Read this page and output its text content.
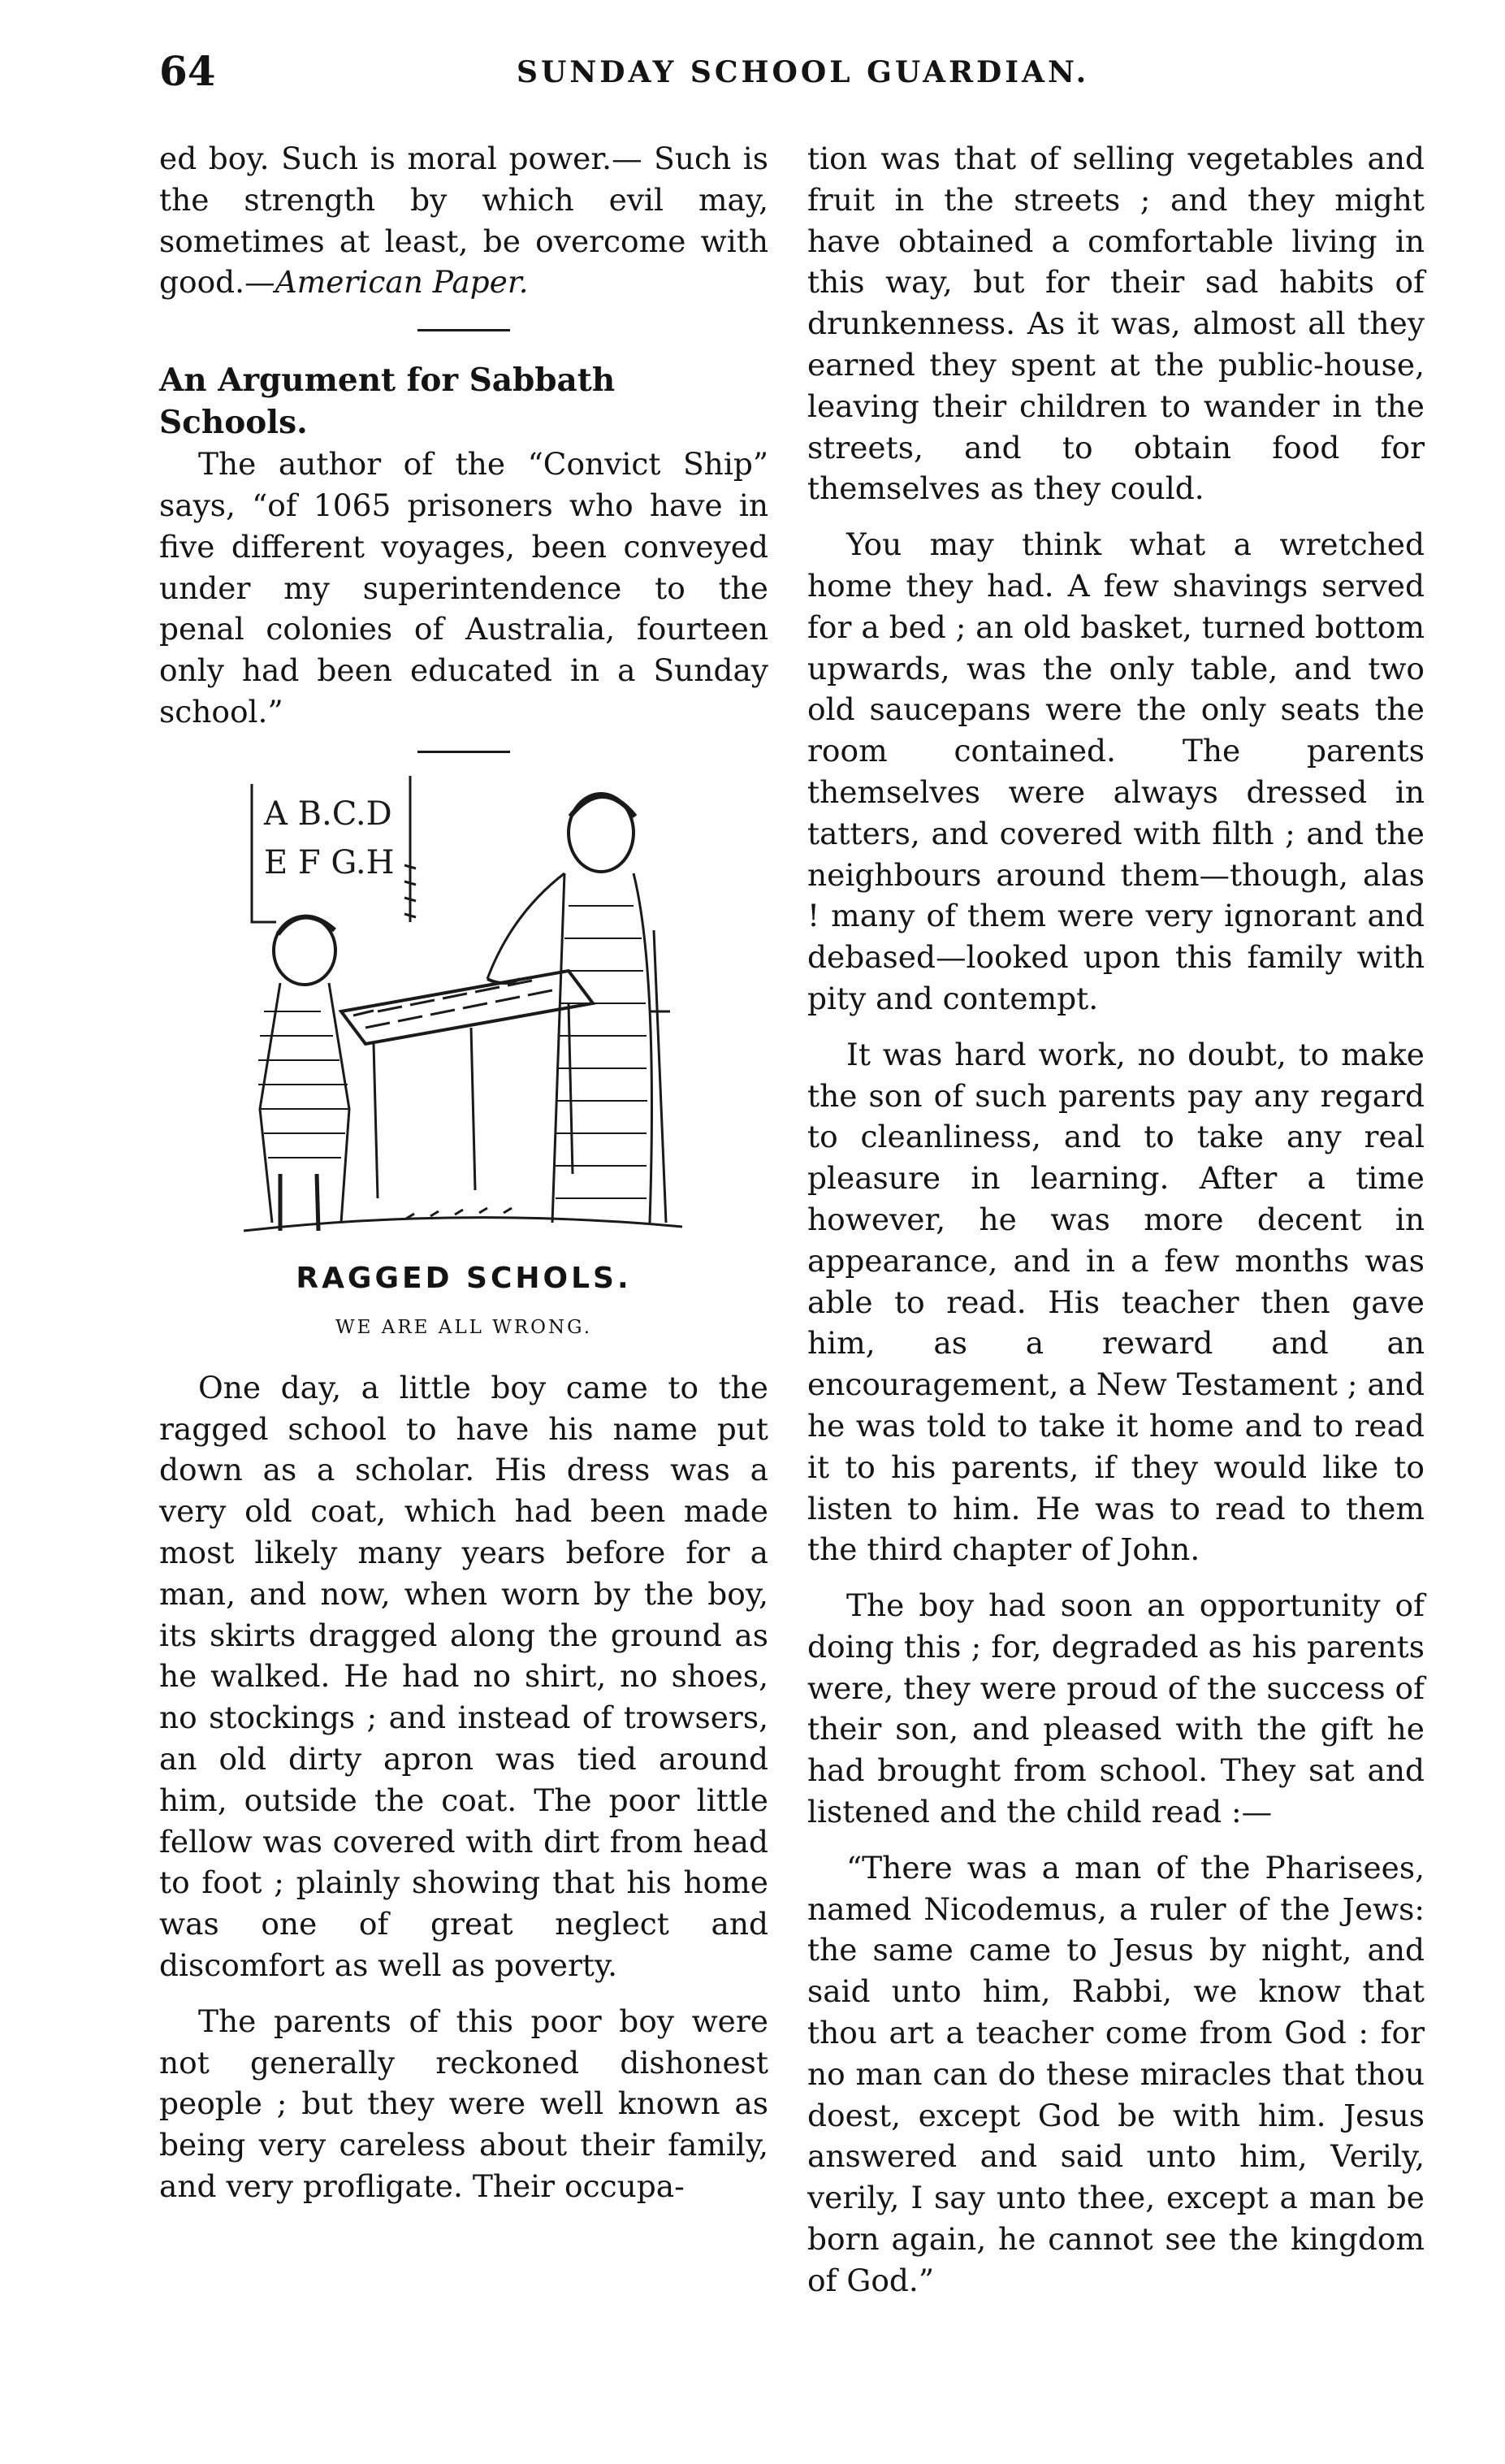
64	SUNDAY SCHOOL GUARDIAN.

ed boy. Such is moral power.— Such is the strength by which evil may, sometimes at least, be overcome with good.—American Paper.

An Argument for Sabbath Schools.

The author of the “Convict Ship” says, “of 1065 prisoners who have in five different voyages, been conveyed under my superintendence to the penal colonies of Australia, fourteen only had been educated in a Sunday school.”

A B.C.D
E F G.H
RAGGED SCHOLS.
WE ARE ALL WRONG.

One day, a little boy came to the ragged school to have his name put down as a scholar. His dress was a very old coat, which had been made most likely many years before for a man, and now, when worn by the boy, its skirts dragged along the ground as he walked. He had no shirt, no shoes, no stockings ; and instead of trowsers, an old dirty apron was tied around him, outside the coat. The poor little fellow was covered with dirt from head to foot ; plainly showing that his home was one of great neglect and discomfort as well as poverty.

The parents of this poor boy were not generally reckoned dishonest people ; but they were well known as being very careless about their family, and very profligate. Their occupa-

tion was that of selling vegetables and fruit in the streets ; and they might have obtained a comfortable living in this way, but for their sad habits of drunkenness. As it was, almost all they earned they spent at the public-house, leaving their children to wander in the streets, and to obtain food for themselves as they could.

You may think what a wretched home they had. A few shavings served for a bed ; an old basket, turned bottom upwards, was the only table, and two old saucepans were the only seats the room contained. The parents themselves were always dressed in tatters, and covered with filth ; and the neighbours around them—though, alas ! many of them were very ignorant and debased—looked upon this family with pity and contempt.

It was hard work, no doubt, to make the son of such parents pay any regard to cleanliness, and to take any real pleasure in learning. After a time however, he was more decent in appearance, and in a few months was able to read. His teacher then gave him, as a reward and an encouragement, a New Testament ; and he was told to take it home and to read it to his parents, if they would like to listen to him. He was to read to them the third chapter of John.

The boy had soon an opportunity of doing this ; for, degraded as his parents were, they were proud of the success of their son, and pleased with the gift he had brought from school. They sat and listened and the child read :—

“There was a man of the Pharisees, named Nicodemus, a ruler of the Jews: the same came to Jesus by night, and said unto him, Rabbi, we know that thou art a teacher come from God : for no man can do these miracles that thou doest, except God be with him. Jesus answered and said unto him, Verily, verily, I say unto thee, except a man be born again, he cannot see the kingdom of God.”
